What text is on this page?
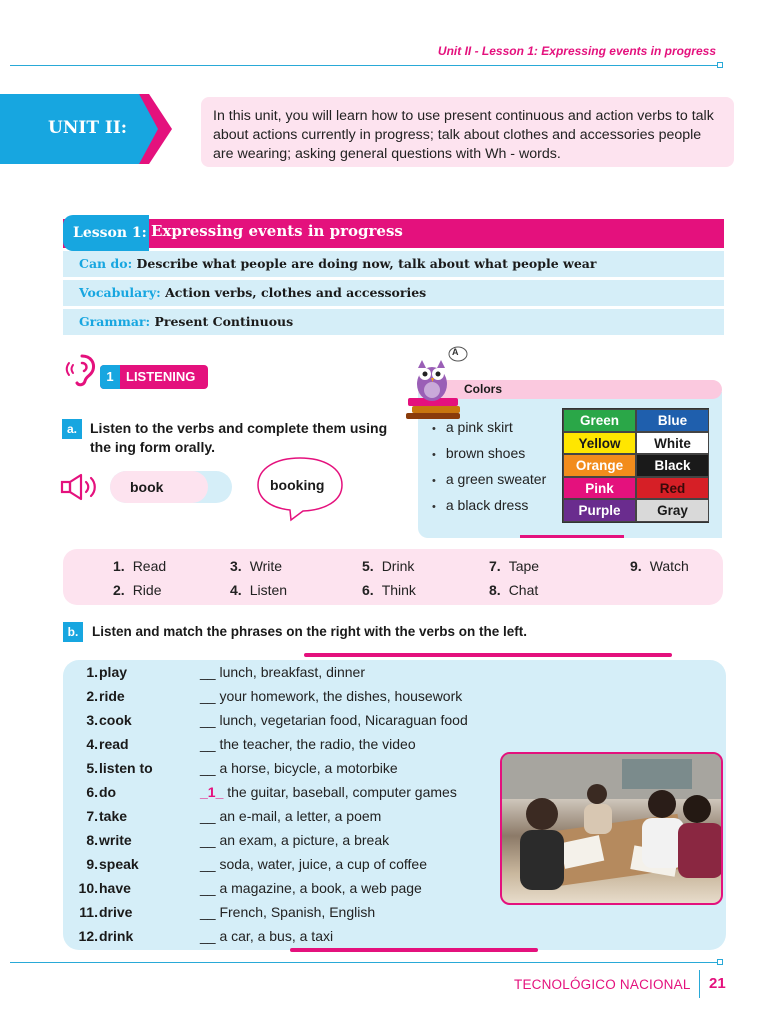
Unit II - Lesson 1: Expressing events in progress
UNIT II:
In this unit, you will learn how to use present continuous and action verbs to talk about actions currently in progress; talk about clothes and accessories people are wearing; asking general questions with Wh - words.
Lesson 1: Expressing events in progress
Can do: Describe what people are doing now, talk about what people wear
Vocabulary: Action verbs, clothes and accessories
Grammar: Present Continuous
1 LISTENING
a. Listen to the verbs and complete them using
the ing form orally.
book	booking
Colors
A
• a pink skirt
• brown shoes
• a green sweater
• a black dress
Green	Blue
Yellow	White
Orange	Black
Pink	Red
Purple	Gray
1. Read
2. Ride
3. Write
4. Listen
5. Drink
6. Think
7. Tape
8. Chat
9. Watch
b.	Listen and match the phrases on the right with the verbs on the left.
1. play	__ lunch, breakfast, dinner
2. ride	__ your homework, the dishes, housework
3. cook	__ lunch, vegetarian food, Nicaraguan food
4. read	__ the teacher, the radio, the video
5. listen to	__ a horse, bicycle, a motorbike
6. do	_1_ the guitar, baseball, computer games
7. take	__ an e-mail, a letter, a poem
8. write	__ an exam, a picture, a break
9. speak	__ soda, water, juice, a cup of coffee
10. have	__ a magazine, a book, a web page
11. drive	__ French, Spanish, English
12. drink	__ a car, a bus, a taxi
TECNOLÓGICO NACIONAL 21
